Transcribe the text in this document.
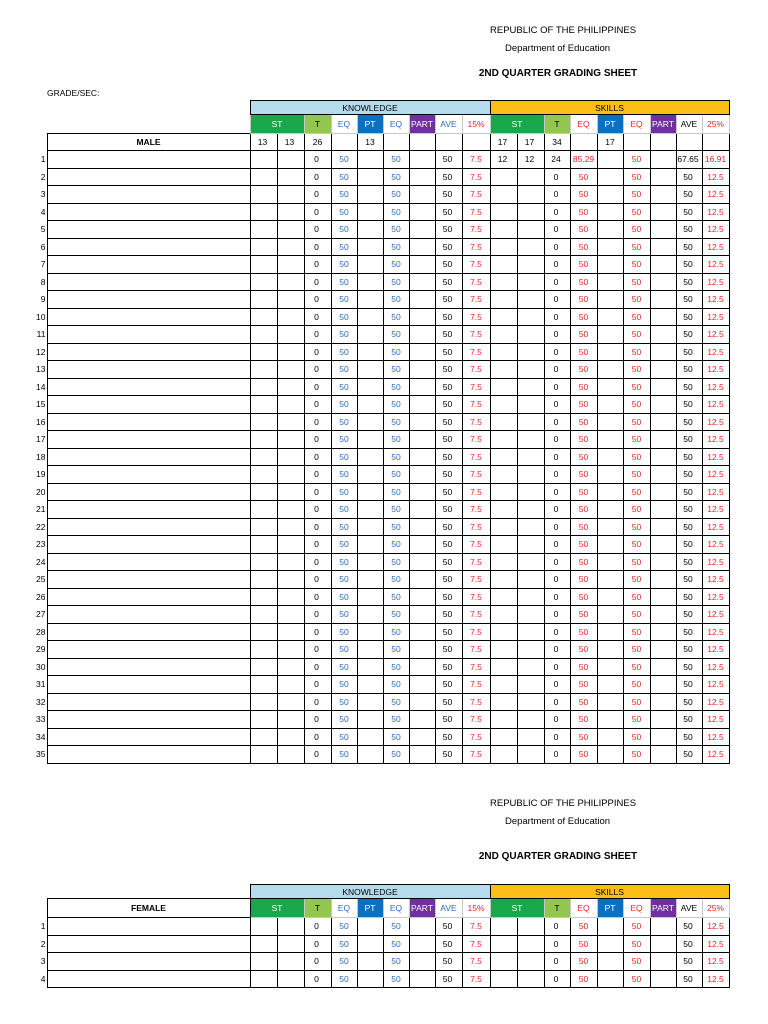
REPUBLIC OF THE PHILIPPINES
Department of Education
2ND QUARTER GRADING SHEET
GRADE/SEC:
		KNOWLEDGE									SKILLS								
		ST		T	EQ	PT	EQ	PART	AVE	15%	ST		T	EQ	PT	EQ	PART	AVE	25%
	MALE	13	13	26		13					17	17	34		17				
1				0	50		50		50	7.5	12	12	24	85.29		50		67.65	16.91
2				0	50		50		50	7.5			0	50		50		50	12.5
3				0	50		50		50	7.5			0	50		50		50	12.5
4				0	50		50		50	7.5			0	50		50		50	12.5
5				0	50		50		50	7.5			0	50		50		50	12.5
6				0	50		50		50	7.5			0	50		50		50	12.5
7				0	50		50		50	7.5			0	50		50		50	12.5
8				0	50		50		50	7.5			0	50		50		50	12.5
9				0	50		50		50	7.5			0	50		50		50	12.5
10				0	50		50		50	7.5			0	50		50		50	12.5
11				0	50		50		50	7.5			0	50		50		50	12.5
12				0	50		50		50	7.5			0	50		50		50	12.5
13				0	50		50		50	7.5			0	50		50		50	12.5
14				0	50		50		50	7.5			0	50		50		50	12.5
15				0	50		50		50	7.5			0	50		50		50	12.5
16				0	50		50		50	7.5			0	50		50		50	12.5
17				0	50		50		50	7.5			0	50		50		50	12.5
18				0	50		50		50	7.5			0	50		50		50	12.5
19				0	50		50		50	7.5			0	50		50		50	12.5
20				0	50		50		50	7.5			0	50		50		50	12.5
21				0	50		50		50	7.5			0	50		50		50	12.5
22				0	50		50		50	7.5			0	50		50		50	12.5
23				0	50		50		50	7.5			0	50		50		50	12.5
24				0	50		50		50	7.5			0	50		50		50	12.5
25				0	50		50		50	7.5			0	50		50		50	12.5
26				0	50		50		50	7.5			0	50		50		50	12.5
27				0	50		50		50	7.5			0	50		50		50	12.5
28				0	50		50		50	7.5			0	50		50		50	12.5
29				0	50		50		50	7.5			0	50		50		50	12.5
30				0	50		50		50	7.5			0	50		50		50	12.5
31				0	50		50		50	7.5			0	50		50		50	12.5
32				0	50		50		50	7.5			0	50		50		50	12.5
33				0	50		50		50	7.5			0	50		50		50	12.5
34				0	50		50		50	7.5			0	50		50		50	12.5
35				0	50		50		50	7.5			0	50		50		50	12.5
REPUBLIC OF THE PHILIPPINES
Department of Education
2ND QUARTER GRADING SHEET
		KNOWLEDGE									SKILLS								
	FEMALE	ST		T	EQ	PT	EQ	PART	AVE	15%	ST		T	EQ	PT	EQ	PART	AVE	25%
1				0	50		50		50	7.5			0	50		50		50	12.5
2				0	50		50		50	7.5			0	50		50		50	12.5
3				0	50		50		50	7.5			0	50		50		50	12.5
4				0	50		50		50	7.5			0	50		50		50	12.5
